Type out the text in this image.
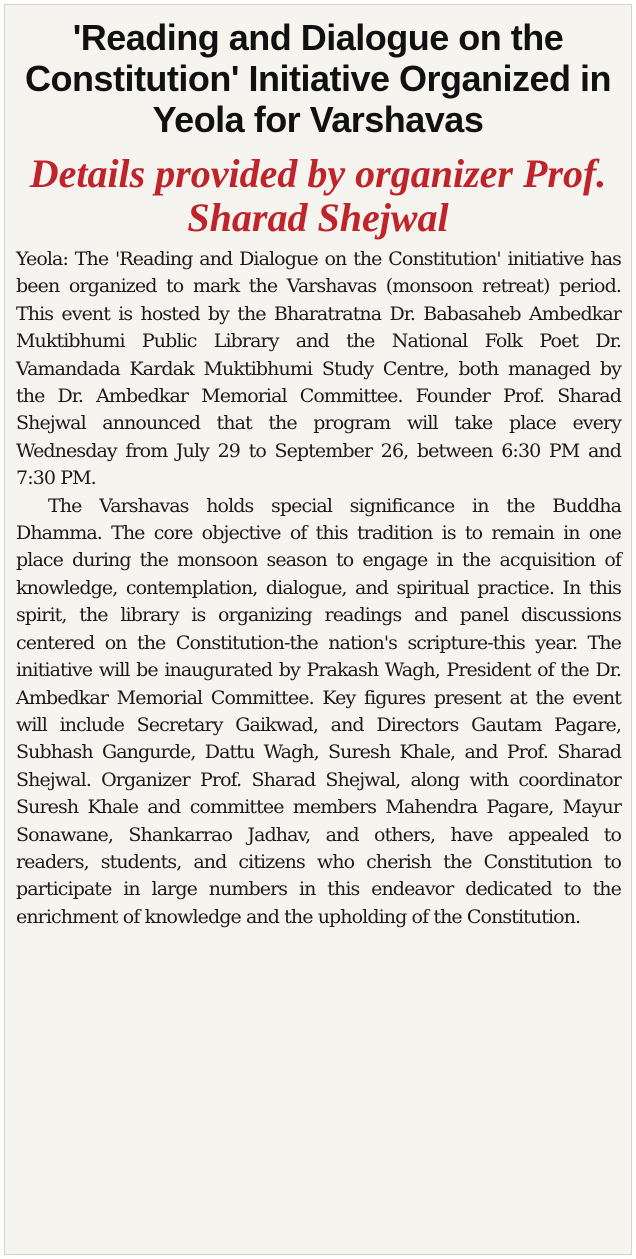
'Reading and Dialogue on the Constitution' Initiative Organized in Yeola for Varshavas
Details provided by organizer Prof. Sharad Shejwal

Yeola: The 'Reading and Dialogue on the Constitution' initiative has been organized to mark the Varshavas (monsoon retreat) period. This event is hosted by the Bharatratna Dr. Babasaheb Ambedkar Muktibhumi Public Library and the National Folk Poet Dr. Vamandada Kardak Muktibhumi Study Centre, both managed by the Dr. Ambedkar Memorial Committee. Founder Prof. Sharad Shejwal announced that the program will take place every Wednesday from July 29 to September 26, between 6:30 PM and 7:30 PM.

The Varshavas holds special significance in the Buddha Dhamma. The core objective of this tradition is to remain in one place during the monsoon season to engage in the acquisition of knowledge, contemplation, dialogue, and spiritual practice. In this spirit, the library is organizing readings and panel discussions centered on the Constitution-the nation's scripture-this year. The initiative will be inaugurated by Prakash Wagh, President of the Dr. Ambedkar Memorial Committee. Key figures present at the event will include Secretary Gaikwad, and Directors Gautam Pagare, Subhash Gangurde, Dattu Wagh, Suresh Khale, and Prof. Sharad Shejwal. Organizer Prof. Sharad Shejwal, along with coordinator Suresh Khale and committee members Mahendra Pagare, Mayur Sonawane, Shankarrao Jadhav, and others, have appealed to readers, students, and citizens who cherish the Constitution to participate in large numbers in this endeavor dedicated to the enrichment of knowledge and the upholding of the Constitution.
